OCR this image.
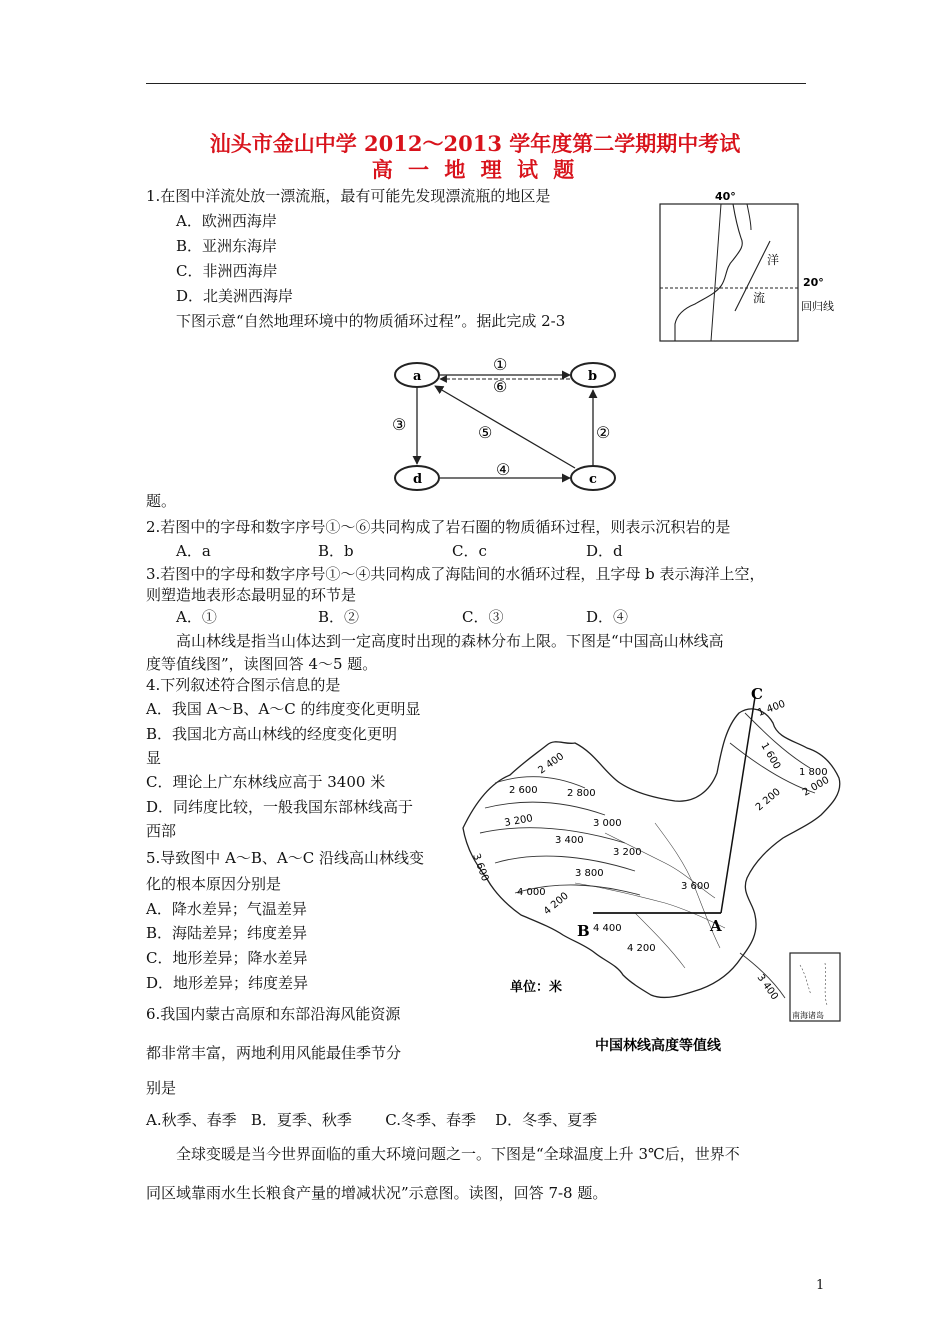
汕头市金山中学 2012～2013 学年度第二学期期中考试
高 一 地 理 试 题
1.在图中洋流处放一漂流瓶，最有可能先发现漂流瓶的地区是
A．欧洲西海岸
B．亚洲东海岸
C．非洲西海岸
D．北美洲西海岸
下图示意“自然地理环境中的物质循环过程”。据此完成 2-3
40°
洋
流
20°
回归线
a	b
c
d
①
⑥
③	⑤	②
④
题。
2.若图中的字母和数字序号①～⑥共同构成了岩石圈的物质循环过程，则表示沉积岩的是
A．a	B．b	C．c	D．d
3.若图中的字母和数字序号①～④共同构成了海陆间的水循环过程，且字母 b 表示海洋上空，
则塑造地表形态最明显的环节是
A．①	B．②	C．③	D．④
高山林线是指当山体达到一定高度时出现的森林分布上限。下图是“中国高山林线高
度等值线图”，读图回答 4～5 题。
4.下列叙述符合图示信息的是
A．我国 A～B、A～C 的纬度变化更明显
B．我国北方高山林线的经度变化更明
显
C．理论上广东林线应高于 3400 米
D．同纬度比较，一般我国东部林线高于
西部
5.导致图中 A～B、A～C 沿线高山林线变
化的根本原因分别是
A．降水差异；气温差异
B．海陆差异；纬度差异
C．地形差异；降水差异
D．地形差异；纬度差异
6.我国内蒙古高原和东部沿海风能资源
都非常丰富，两地利用风能最佳季节分
别是
A.秋季、春季   B．夏季、秋季       C.冬季、春季    D．冬季、夏季
A
B
C
1 400
1 600
1 800
2 000
2 200
2 400
2 600	2 800
3 000
3 200
3 200
3 400
3 600	3 800
4 000
4 200
4 400
4 200
3 400
3 600
南海诸岛
单位：米
中国林线高度等值线
全球变暖是当今世界面临的重大环境问题之一。下图是“全球温度上升 3℃后，世界不
同区域靠雨水生长粮食产量的增减状况”示意图。读图，回答 7-8 题。
1
